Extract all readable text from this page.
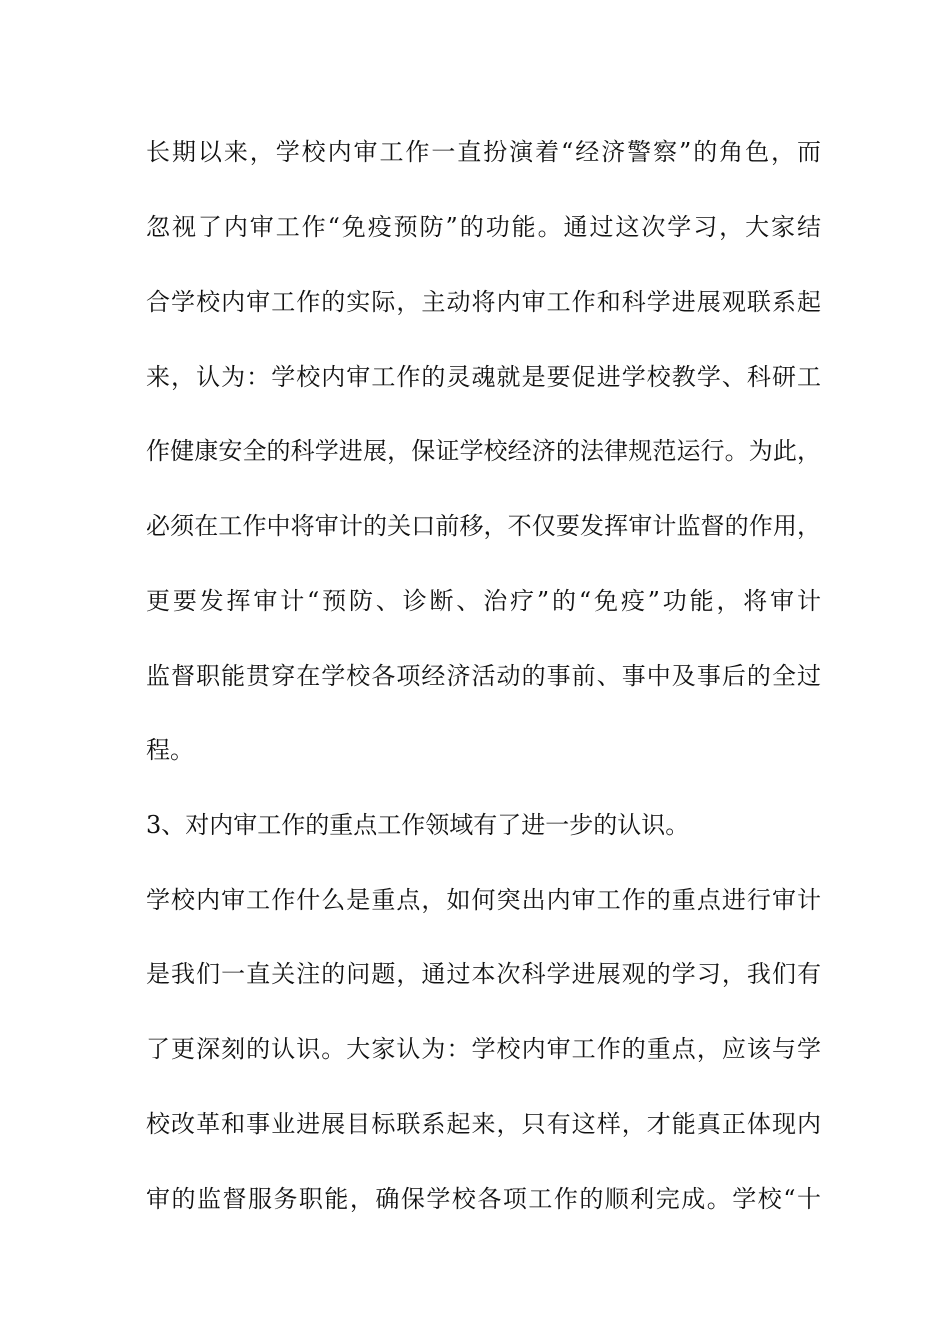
长期以来，学校内审工作一直扮演着“经济警察”的角色，而

忽视了内审工作“免疫预防”的功能。通过这次学习，大家结

合学校内审工作的实际，主动将内审工作和科学进展观联系起

来，认为：学校内审工作的灵魂就是要促进学校教学、科研工

作健康安全的科学进展，保证学校经济的法律规范运行。为此，

必须在工作中将审计的关口前移，不仅要发挥审计监督的作用，

更要发挥审计“预防、诊断、治疗”的“免疫”功能，将审计

监督职能贯穿在学校各项经济活动的事前、事中及事后的全过

程。

3、对内审工作的重点工作领域有了进一步的认识。

学校内审工作什么是重点，如何突出内审工作的重点进行审计

是我们一直关注的问题，通过本次科学进展观的学习，我们有

了更深刻的认识。大家认为：学校内审工作的重点，应该与学

校改革和事业进展目标联系起来，只有这样，才能真正体现内

审的监督服务职能，确保学校各项工作的顺利完成。学校“十
